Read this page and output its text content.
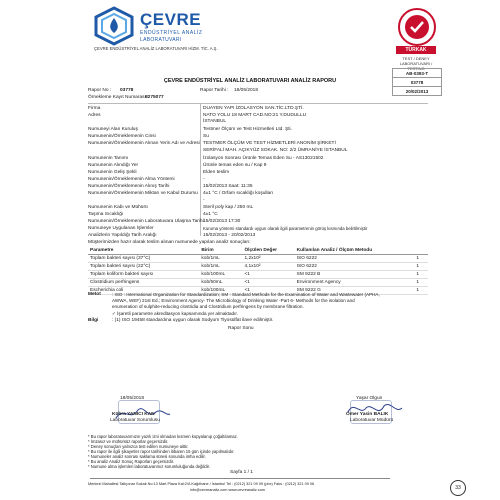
ÇEVRE
ENDÜSTRİYEL ANALİZ
LABORATUVARI
ÇEVRE ENDÜSTRİYEL ANALİZ LABORATUVARI HİZM. TİC. A.Ş.	TÜRKAK
TEST / DENEY LABORATUVARI / TESTING
AB-0393-T
03778
20/02/2013
ÇEVRE ENDÜSTRİYEL ANALİZ LABORATUVARI ANALİZ RAPORU
Rapor No : 03778	Rapor Tarihi : 18/05/2018
Örnekleme Kayıt Numarası :
9275077
Firma	DUAYEN YAPI İZOLASYON SAN.TİC.LTD.ŞTİ.
Adres	NATO YOLU 18 MART CAD.NO:21 Y.DUDULLU
İSTANBUL
Numuneyi Alan Kuruluş	Testmer Ölçüm ve Test Hizmetleri Ltd. Şti.
Numunenin/Örneklemenin Cinsi	Su
Numunenin/Örneklemenin Alınan Yerin Adı ve Adresi TESTMER ÖLÇÜM VE TEST HİZMETLERİ ANONİM ŞİRKETİ
SERİFALİ MAH. AÇIKYÜZ SOKAK. NO: 2/2 ÜMRANİYE İSTANBUL
Numunenin Tanımı	İzolasyon Sonrası Ürünle Temas Eden Su - AS13021502
Numunenin Alındığı Yer	Ürünle temas eden su / Kap 9
Numunenin Geliş Şekli	Elden teslim
Numunenin/Örneklemenin Alma Yöntemi	-
Numunenin/Örneklemenin Alınış Tarihi	15/02/2013 Saat: 11:35
Numunenin/Örneklemenin Miktarı ve Kabul Durumu 4±1 °C / Orfam sıcaklığı koşulları
-
Numunenin Kabı ve Mühürü	Steril poly kap / 250 mL
Taşıma Sıcaklığı	4±1 °C
Numunenin/Örneklemenin Laboratuvara Ulaşma Tarihi 15/02/2013 17:30
Numuneye Uygulanan İşlemler	Kuruma yöntemi standardı uygun olarak ilgili parametrenin görüş kısmında belirtilmiştir
Analizlerin Yapıldığı Tarih Aralığı	15/02/2013 - 20/02/2013
Müşterimizden hazır olarak teslim alınan numunede yapılan analiz sonuçları:
Parametre	Birim	Ölçülen Değer	Kullanılan Analiz / Ölçüm Metodu	
Toplam bakteri sayısı (37°C)	kob/1mL	1,2x10²	ISO 6222	1
Toplam bakteri sayısı (22°C)	kob/1mL	4,1x10²	ISO 6222	1
Toplam koliform bakteri sayısı	kob/100mL	<1	SM 9222 B	1
Clostridium perfringens	kob/50mL	<1	Environment Agency	1
Escherichia coli	kob/100mL	<1	SM 9222 G	1
Metot : ISO : International Organization for Standardization; SM : Standard Methods for the Examination of Water and Wastewater (APHA,
AWWA, WEF) 21st Ed.; Environment Agency- The Microbiology of Drinking Water -Part 6- Methods for the isolation and
enumeration of sulphite-reducing clostridia and Clostridium perfringens by membrane filtration.
✓ İşaretli parametre akreditasyon kapsamında yer almaktadır.
Bilgi	: (1) ISO 19458 standardına uygun olarak Sodyum Tiyosülfat ilave edilmiştir.
Rapor Sonu
18/05/2018
Kübra YANICI KAN
Laboratuvar Sorumlusu
Yaşar Olgun
Ömer Yasin BALIK
Laboratuvar Müdürü
* Bu rapor laboratuvarımızın yazılı izni olmadan kısmen kopyalanıp çoğaltılamaz.
* İmzasız ve mühürsüz raporlar geçersizdir.
* Deney sonuçları yalnızca test edilen numuneye aittir.
* Bu rapor ile ilgili şikayetler rapor tarihinden itibaren 15 gün içinde yapılmalıdır.
* Numuneler analiz sonrası saklama süresi sonunda imha edilir.
* Bu analiz Analiz Sonuç Raporları geçersizdir.
* Numune alma işlemleri laboratuvarımız sorumluluğunda değildir.
Sayfa 1 / 1
Merkezi Mahallesi Tatlıpınar Sokak No:13 Mart Plaza Kat:2/A Kağıthane / İstanbul Tel : (0212) 321 09 09 (pbx) Faks : (0212) 321 09 06
info@cevreanaliz.com www.cevreanaliz.com	33
